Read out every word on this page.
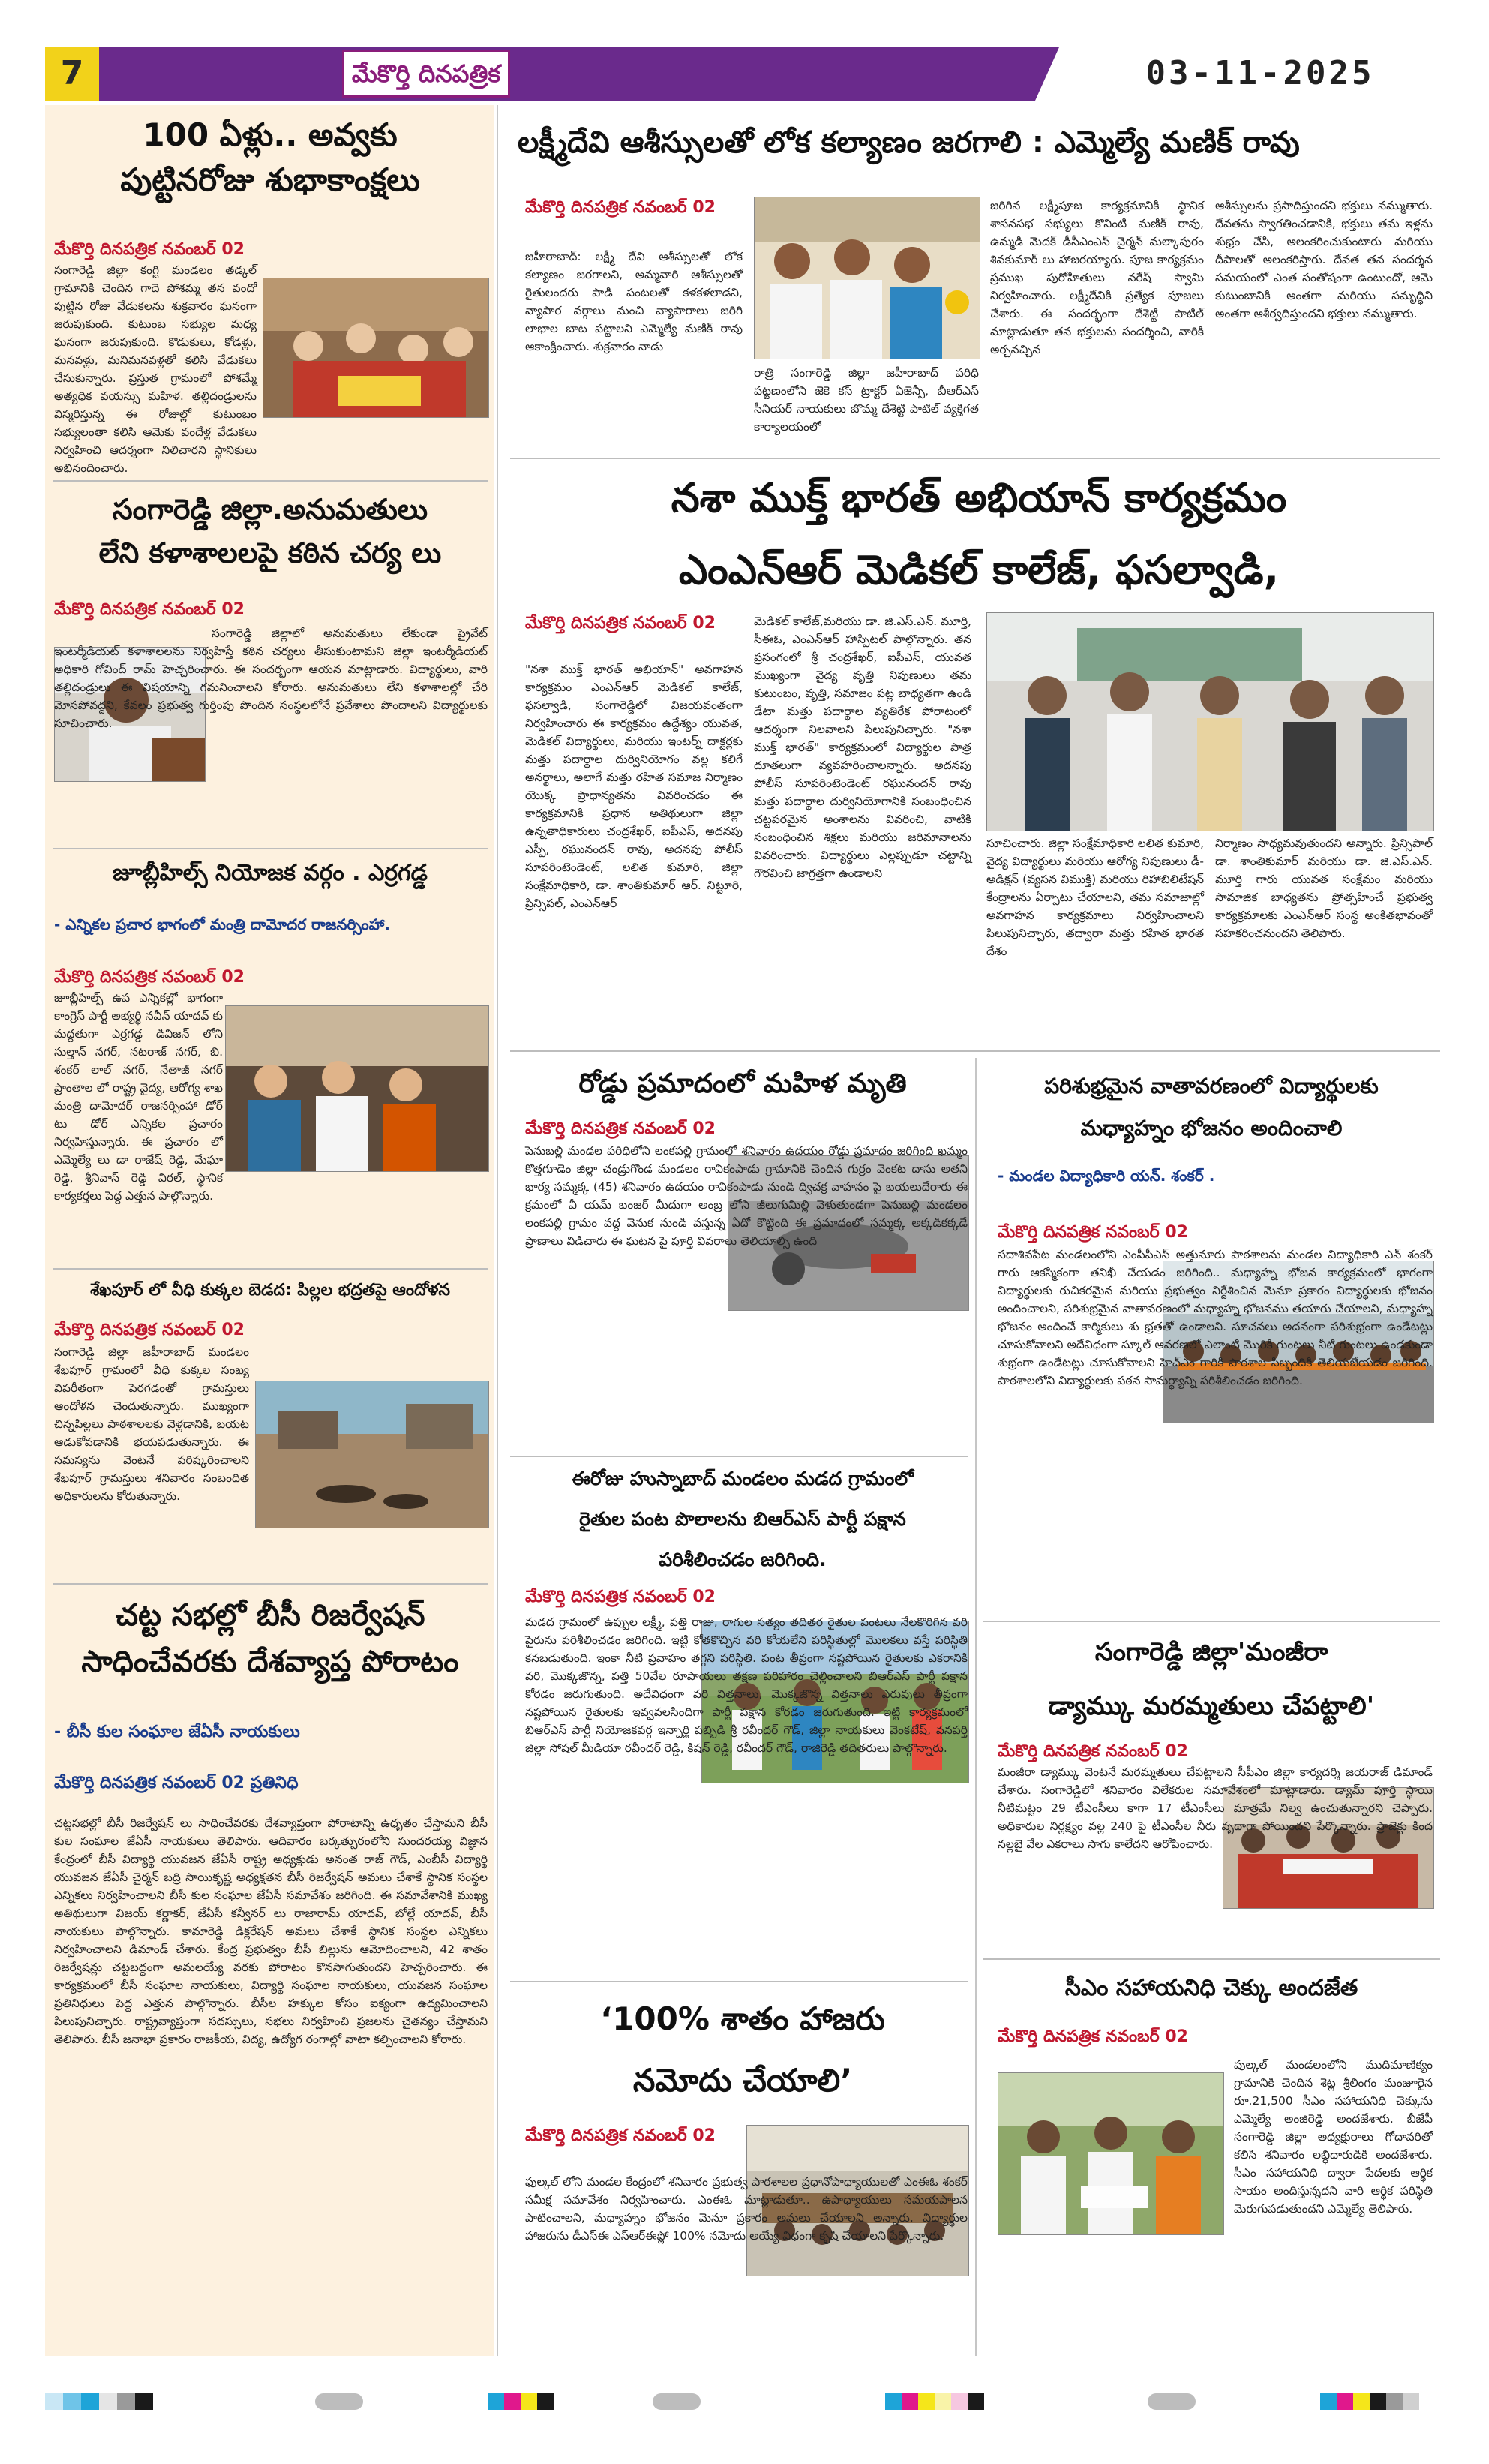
7	మేకొర్తి దినపత్రిక	03-11-2025
100 ఏళ్లు.. అవ్వకు
పుట్టినరోజు శుభాకాంక్షలు

మేకొర్తి దినపత్రిక నవంబర్ 02

సంగారెడ్డి జిల్లా కంగ్టి మండలం తడ్కల్ గ్రామానికి చెందిన గాదె పోశమ్మ తన వందో పుట్టిన రోజు వేడుకలను శుక్రవారం ఘనంగా జరుపుకుంది. కుటుంబ సభ్యుల మధ్య ఘనంగా జరుపుకుంది. కొడుకులు, కోడళ్లు, మనవళ్లు, మనిమనవళ్లతో కలిసి వేడుకలు చేసుకున్నారు. ప్రస్తుత గ్రామంలో పోశమ్మే అత్యధిక వయస్సు మహిళ. తల్లిదండ్రులను విస్మరిస్తున్న ఈ రోజుల్లో కుటుంబం సభ్యులంతా కలిసి ఆమెకు వందేళ్ల వేడుకలు నిర్వహించి ఆదర్శంగా నిలిచారని స్థానికులు అభినందించారు.

సంగారెడ్డి జిల్లా.అనుమతులు
లేని కళాశాలలపై కఠిన చర్య లు

మేకొర్తి దినపత్రిక నవంబర్ 02

సంగారెడ్డి జిల్లాలో అనుమతులు లేకుండా ప్రైవేట్ ఇంటర్మీడియట్ కళాశాలలను నిర్వహిస్తే కఠిన చర్యలు తీసుకుంటామని జిల్లా ఇంటర్మీడియట్ అధికారి గోవింద్ రామ్ హెచ్చరించారు. ఈ సందర్భంగా ఆయన మాట్లాడారు. విద్యార్థులు, వారి తల్లిదండ్రులు ఈ విషయాన్ని గమనించాలని కోరారు. అనుమతులు లేని కళాశాలల్లో చేరి మోసపోవద్దని, కేవలం ప్రభుత్వ గుర్తింపు పొందిన సంస్థలలోనే ప్రవేశాలు పొందాలని విద్యార్థులకు సూచించారు.

జూబ్లీహిల్స్ నియోజక వర్గం . ఎర్రగడ్డ

- ఎన్నికల ప్రచార భాగంలో మంత్రి దామోదర రాజనర్సింహా.

మేకొర్తి దినపత్రిక నవంబర్ 02

జూబ్లీహిల్స్ ఉప ఎన్నికల్లో భాగంగా కాంగ్రెస్ పార్టీ అభ్యర్థి నవీన్ యాదవ్ కు మద్దతుగా ఎర్రగడ్డ డివిజన్ లోని సుల్తాన్ నగర్, నటరాజ్ నగర్, బి. శంకర్ లాల్ నగర్, నేతాజీ నగర్ ప్రాంతాల లో రాష్ట్ర వైద్య, ఆరోగ్య శాఖ మంత్రి దామోదర్ రాజనర్సింహా డోర్ టు డోర్ ఎన్నికల ప్రచారం నిర్వహిస్తున్నారు. ఈ ప్రచారం లో ఎమ్మెల్యే లు డా రాజేష్ రెడ్డి, మేఘా రెడ్డి, శ్రీనివాస్ రెడ్డి విఠల్, స్థానిక కార్యకర్తలు పెద్ద ఎత్తున పాల్గొన్నారు.

శేఖపూర్ లో వీధి కుక్కల బెడద: పిల్లల భద్రతపై ఆందోళన

మేకొర్తి దినపత్రిక నవంబర్ 02

సంగారెడ్డి జిల్లా జహీరాబాద్ మండలం శేఖపూర్ గ్రామంలో వీధి కుక్కల సంఖ్య విపరీతంగా పెరగడంతో గ్రామస్తులు ఆందోళన చెందుతున్నారు. ముఖ్యంగా చిన్నపిల్లలు పాఠశాలలకు వెళ్లడానికి, బయట ఆడుకోవడానికి భయపడుతున్నారు. ఈ సమస్యను వెంటనే పరిష్కరించాలని శేఖపూర్ గ్రామస్తులు శనివారం సంబంధిత అధికారులను కోరుతున్నారు.

చట్ట సభల్లో బీసీ రిజర్వేషన్
సాధించేవరకు దేశవ్యాప్త పోరాటం

- బీసీ కుల సంఘాల జేఏసీ నాయకులు

మేకొర్తి దినపత్రిక నవంబర్ 02 ప్రతినిధి

చట్టసభల్లో బీసీ రిజర్వేషన్ లు సాధించేవరకు దేశవ్యాప్తంగా పోరాటాన్ని ఉధృతం చేస్తామని బీసీ కుల సంఘాల జేఏసీ నాయకులు తెలిపారు. ఆదివారం బర్కత్పురంలోని సుందరయ్య విజ్ఞాన కేంద్రంలో బీసీ విద్యార్థి యువజన జేఏసీ రాష్ట్ర అధ్యక్షుడు అనంత రాజ్ గౌడ్, ఎంబీసీ విద్యార్థి యువజన జేఏసీ చైర్మన్ బద్రి సాయికృష్ణ అధ్యక్షతన బీసీ రిజర్వేషన్ అమలు చేశాకే స్థానిక సంస్థల ఎన్నికలు నిర్వహించాలని బీసీ కుల సంఘాల జేఏసీ సమావేశం జరిగింది. ఈ సమావేశానికి ముఖ్య అతిథులుగా విజయ్ కర్ణాకర్, జేఏసీ కన్వీనర్ లు రాజారామ్ యాదవ్, బోల్లే యాదవ్, బీసీ నాయకులు పాల్గొన్నారు. కామారెడ్డి డిక్లరేషన్ అమలు చేశాకే స్థానిక సంస్థల ఎన్నికలు నిర్వహించాలని డిమాండ్ చేశారు. కేంద్ర ప్రభుత్వం బీసీ బిల్లును ఆమోదించాలని, 42 శాతం రిజర్వేషన్లు చట్టబద్ధంగా అమలయ్యే వరకు పోరాటం కొనసాగుతుందని హెచ్చరించారు. ఈ కార్యక్రమంలో బీసీ సంఘాల నాయకులు, విద్యార్థి సంఘాల నాయకులు, యువజన సంఘాల ప్రతినిధులు పెద్ద ఎత్తున పాల్గొన్నారు. బీసీల హక్కుల కోసం ఐక్యంగా ఉద్యమించాలని పిలుపునిచ్చారు. రాష్ట్రవ్యాప్తంగా సదస్సులు, సభలు నిర్వహించి ప్రజలను చైతన్యం చేస్తామని తెలిపారు. బీసీ జనాభా ప్రకారం రాజకీయ, విద్య, ఉద్యోగ రంగాల్లో వాటా కల్పించాలని కోరారు.

లక్ష్మీదేవి ఆశీస్సులతో లోక కల్యాణం జరగాలి : ఎమ్మెల్యే మణిక్ రావు

మేకొర్తి దినపత్రిక నవంబర్ 02

జహీరాబాద్: లక్ష్మీ దేవి ఆశీస్సులతో లోక కల్యాణం జరగాలని, అమ్మవారి ఆశీస్సులతో రైతులందరు పాడి పంటలతో కళకళలాడని, వ్యాపార వర్గాలు మంచి వ్యాపారాలు జరిగి లాభాల బాట పట్టాలని ఎమ్మెల్యే మణిక్ రావు ఆకాంక్షించారు. శుక్రవారం నాడు

రాత్రి సంగారెడ్డి జిల్లా జహీరాబాద్ పరిధి పట్టణంలోని జెకె కస్ ట్రాక్టర్ ఏజెన్సీ, బీఆర్ఎస్ సీనియర్ నాయకులు బొమ్మ దేశెట్టి పాటిల్ వ్యక్తిగత కార్యాలయంలో

జరిగిన లక్ష్మీపూజ కార్యక్రమానికి స్థానిక శాసనసభ సభ్యులు కొనింటి మణిక్ రావు, ఉమ్మడి మెదక్ డీసీఎంఎస్ చైర్మన్ మల్కాపురం శివకుమార్ లు హాజరయ్యారు. పూజ కార్యక్రమం ప్రముఖ పురోహితులు నరేష్ స్వామి నిర్వహించారు. లక్ష్మీదేవికి ప్రత్యేక పూజలు చేశారు. ఈ సందర్భంగా దేశెట్టి పాటిల్ మాట్లాడుతూ తన భక్తులను సందర్శించి, వారికి అర్చనచ్చిన

ఆశీస్సులను ప్రసాదిస్తుందని భక్తులు నమ్ముతారు. దేవతను స్వాగతించడానికి, భక్తులు తమ ఇళ్లను శుభ్రం చేసి, అలంకరించుకుంటారు మరియు దీపాలతో అలంకరిస్తారు. దేవత తన సందర్శన సమయంలో ఎంత సంతోషంగా ఉంటుందో, ఆమె కుటుంబానికి అంతగా మరియు సమృద్ధిని అంతగా ఆశీర్వదిస్తుందని భక్తులు నమ్ముతారు.

నశా ముక్త్ భారత్ అభియాన్ కార్యక్రమం
ఎంఎన్ఆర్ మెడికల్ కాలేజ్, ఫసల్వాడి,

మేకొర్తి దినపత్రిక నవంబర్ 02

"నశా ముక్త్ భారత్ అభియాన్" అవగాహన కార్యక్రమం ఎంఎన్ఆర్ మెడికల్ కాలేజ్, ఫసల్వాడి, సంగారెడ్డిలో విజయవంతంగా నిర్వహించారు ఈ కార్యక్రమం ఉద్దేశ్యం యువత, మెడికల్ విద్యార్థులు, మరియు ఇంటర్న్ దాక్టర్లకు మత్తు పదార్థాల దుర్వినియోగం వల్ల కలిగే అనర్థాలు, అలాగే మత్తు రహిత సమాజ నిర్మాణం యొక్క ప్రాధాన్యతను వివరించడం ఈ కార్యక్రమానికి ప్రధాన అతిథులుగా జిల్లా ఉన్నతాధికారులు చంద్రశేఖర్, ఐపీఎస్, అదనపు ఎస్పీ, రఘునందన్ రావు, అదనపు పోలీస్ సూపరింటెండెంట్, లలిత కుమారి, జిల్లా సంక్షేమాధికారి, డా. శాంతికుమార్ ఆర్. నిట్టూరి, ప్రిన్సిపల్, ఎంఎన్ఆర్

మెడికల్ కాలేజ్,మరియు డా. జి.ఎస్.ఎన్. మూర్తి, సీఈఓ, ఎంఎన్ఆర్ హాస్పిటల్ పాల్గొన్నారు. తన ప్రసంగంలో శ్రీ చంద్రశేఖర్, ఐపీఎస్, యువత ముఖ్యంగా వైద్య వృత్తి నిపుణులు తమ కుటుంబం, వృత్తి, సమాజం పట్ల బాధ్యతగా ఉండి డేటా మత్తు పదార్థాల వ్యతిరేక పోరాటంలో ఆదర్శంగా నిలవాలని పిలుపునిచ్చారు. "నశా ముక్త్ భారత్" కార్యక్రమంలో విద్యార్థుల పాత్ర దూతలుగా వ్యవహరించాలన్నారు. అదనపు పోలీస్ సూపరింటెండెంట్ రఘునందన్ రావు మత్తు పదార్థాల దుర్వినియోగానికి సంబంధించిన చట్టపరమైన అంశాలను వివరించి, వాటికి సంబంధించిన శిక్షలు మరియు జరిమానాలను వివరించారు. విద్యార్థులు ఎల్లప్పుడూ చట్టాన్ని గౌరవించి జాగ్రత్తగా ఉండాలని

సూచించారు. జిల్లా సంక్షేమాధికారి లలిత కుమారి, వైద్య విద్యార్థులు మరియు ఆరోగ్య నిపుణులు డీ-అడిక్షన్ (వ్యసన విముక్తి) మరియు రిహాబిలిటేషన్ కేంద్రాలను ఏర్పాటు చేయాలని, తమ సమాజాల్లో అవగాహన కార్యక్రమాలు నిర్వహించాలని పిలుపునిచ్చారు, తద్వారా మత్తు రహిత భారత దేశం

నిర్మాణం సాధ్యమవుతుందని అన్నారు. ప్రిన్సిపాల్ డా. శాంతికుమార్ మరియు డా. జి.ఎస్.ఎన్. మూర్తి గారు యువత సంక్షేమం మరియు సామాజిక బాధ్యతను ప్రోత్సహించే ప్రభుత్వ కార్యక్రమాలకు ఎంఎన్ఆర్ సంస్థ అంకితభావంతో సహకరించనుందని తెలిపారు.

రోడ్డు ప్రమాదంలో మహిళ మృతి

మేకొర్తి దినపత్రిక నవంబర్ 02

పెనుబల్లి మండల పరిధిలోని లంకపల్లి గ్రామంలో శనివారం ఉదయం రోడ్డు ప్రమాదం జరిగింది ఖమ్మం కొత్తగూడెం జిల్లా చండ్రుగొండ మండలం రావికంపాడు గ్రామానికి చెందిన గుర్రం వెంకట దాసు అతని భార్య సమ్మక్క (45) శనివారం ఉదయం రావికంపాడు నుండి ద్విచక్ర వాహనం పై బయలుదేరారు ఈ క్రమంలో వీ యమ్ బంజర్ మీదుగా అంబ్ర లోని జీలుగుమిల్లి వెళుతుండగా పెనుబల్లి మండలం లంకపల్లి గ్రామం వద్ద వెనుక నుండి వస్తున్న ఏదో కొట్టింది ఈ ప్రమాదంలో సమ్మక్క అక్కడికక్కడే ప్రాణాలు విడిచారు ఈ ఘటన పై పూర్తి వివరాలు తెలియాల్సి ఉంది

ఈరోజు హుస్నాబాద్ మండలం మడద గ్రామంలో
రైతుల పంట పొలాలను బిఆర్ఎస్ పార్టీ పక్షాన
పరిశీలించడం జరిగింది.

మేకొర్తి దినపత్రిక నవంబర్ 02

మడద గ్రామంలో ఉప్పుల లక్ష్మీ, పత్తి రాజు, రాగుల సత్యం తదితర రైతుల పంటలు నేలకొరిగిన వరి పైరును పరిశీలించడం జరిగింది. ఇట్టి కోతకొచ్చిన వరి కోయలేని పరిస్థితుల్లో మొలకలు వస్తే పరిస్థితి కనబడుతుంది. ఇంకా నీటి ప్రవాహం తగ్గని పరిస్థితి. పంట తీవ్రంగా నష్టపోయిన రైతులకు ఎకరానికి వరి, మొక్కజొన్న, పత్తి 50వేల రూపాయలు తక్షణ పరిహారం చెల్లించాలని బిఆర్ఎస్ పార్టీ పక్షాన కోరడం జరుగుతుంది. అదేవిధంగా వరి విత్తనాలు, మొక్కజొన్న విత్తనాలు ఎరువులు తీవ్రంగా నష్టపోయిన రైతులకు ఇవ్వవలసిందిగా పార్టీ పక్షాన కోరడం జరుగుతుంది. ఇట్టి కార్యక్రమంలో బిఆర్ఎస్ పార్టీ నియోజకవర్గ ఇన్చార్జి పబ్బిడి శ్రీ రవీందర్ గౌడ్, జిల్లా నాయకులు వెంకటేష్, వనపర్తి జిల్లా సోషల్ మీడియా రవీందర్ రెడ్డి, కిషన్ రెడ్డి, రవీందర్ గౌడ్, రాజిరెడ్డి తదితరులు పాల్గొన్నారు.

‘100% శాతం హాజరు
నమోదు చేయాలి’

మేకొర్తి దినపత్రిక నవంబర్ 02

ఫుల్కల్ లోని మండల కేంద్రంలో శనివారం ప్రభుత్వ పాఠశాలల ప్రధానోపాధ్యాయులతో ఎంఈఓ శంకర్ సమీక్ష సమావేశం నిర్వహించారు. ఎంఈఓ మాట్లాడుతూ.. ఉపాధ్యాయులు సమయపాలన పాటించాలని, మధ్యాహ్నం భోజనం మెనూ ప్రకారం అమలు చేయాలని అన్నారు. విద్యార్థుల హాజరును డీఎస్ఈ ఎస్ఆర్ఈప్లో 100% నమోదు అయ్యే విధంగా కృషి చేయాలని పేర్కొన్నారు.

పరిశుభ్రమైన వాతావరణంలో విద్యార్థులకు
మధ్యాహ్నం భోజనం అందించాలి

- మండల విద్యాధికారి యన్. శంకర్ .

మేకొర్తి దినపత్రిక నవంబర్ 02

సదాశివపేట మండలంలోని ఎంపీపీఎస్ అత్తునూరు పాఠశాలను మండల విద్యాధికారి ఎన్ శంకర్ గారు ఆకస్మికంగా తనిఖీ చేయడం జరిగింది.. మధ్యాహ్న భోజన కార్యక్రమంలో భాగంగా విద్యార్థులకు రుచికరమైన మరియు ప్రభుత్వం నిర్దేశించిన మెనూ ప్రకారం విద్యార్థులకు భోజనం అందించాలని, పరిశుభ్రమైన వాతావరణంలో మధ్యాహ్న భోజనము తయారు చేయాలని, మధ్యాహ్న భోజనం అందించే కార్మికులు శు భ్రతతో ఉండాలని. సూచనలు అదనంగా పరిశుభ్రంగా ఉండేటట్లు చూసుకోవాలని అదేవిధంగా స్కూల్ ఆవరణలో ఎలాంటి మొరికి గుంటలు నీటి గుంటలు ఉండకుండా శుభ్రంగా ఉండేటట్లు చూసుకోవాలని హెచ్ఎం గారికి పాఠశాల సిబ్బందికి తెలియజేయడం జరిగింది. పాఠశాలలోని విద్యార్థులకు పఠన సామర్థ్యాన్ని పరిశీలించడం జరిగింది.

సంగారెడ్డి జిల్లా'మంజీరా
డ్యామ్కు మరమ్మతులు చేపట్టాలి'

మేకొర్తి దినపత్రిక నవంబర్ 02

మంజీరా డ్యామ్కు వెంటనే మరమ్మతులు చేపట్టాలని సీపీఎం జిల్లా కార్యదర్శి జయరాజ్ డిమాండ్ చేశారు. సంగారెడ్డిలో శనివారం విలేకరుల సమావేశంలో మాట్లాడారు. డ్యామ్ పూర్తి స్థాయి నీటిమట్టం 29 టీఎంసీలు కాగా 17 టీఎంసీలు మాత్రమే నిల్వ ఉంచుతున్నారని చెప్పారు. అధికారుల నిర్లక్ష్యం వల్ల 240 పై టీఎంసీల నీరు వృథాగా పోయిందని పేర్కొన్నారు. ప్రాజెక్టు కింద నల్లబై వేల ఎకరాలు సాగు కాలేదని ఆరోపించారు.

సీఎం సహాయనిధి చెక్కు అందజేత

మేకొర్తి దినపత్రిక నవంబర్ 02

పుల్కల్ మండలంలోని ముదిమాణిక్యం గ్రామానికి చెందిన శెట్ల శ్రీలింగం మంజూరైన రూ.21,500 సీఎం సహాయనిధి చెక్కును ఎమ్మెల్యే అంజిరెడ్డి అందజేశారు. బీజేపీ సంగారెడ్డి జిల్లా అధ్యక్షురాలు గోదావరితో కలిసి శనివారం లబ్ధిదారుడికి అందజేశారు. సీఎం సహాయనిధి ద్వారా పేదలకు ఆర్థిక సాయం అందిస్తున్నదని వారి ఆర్థిక పరిస్థితి మెరుగుపడుతుందని ఎమ్మెల్యే తెలిపారు.
